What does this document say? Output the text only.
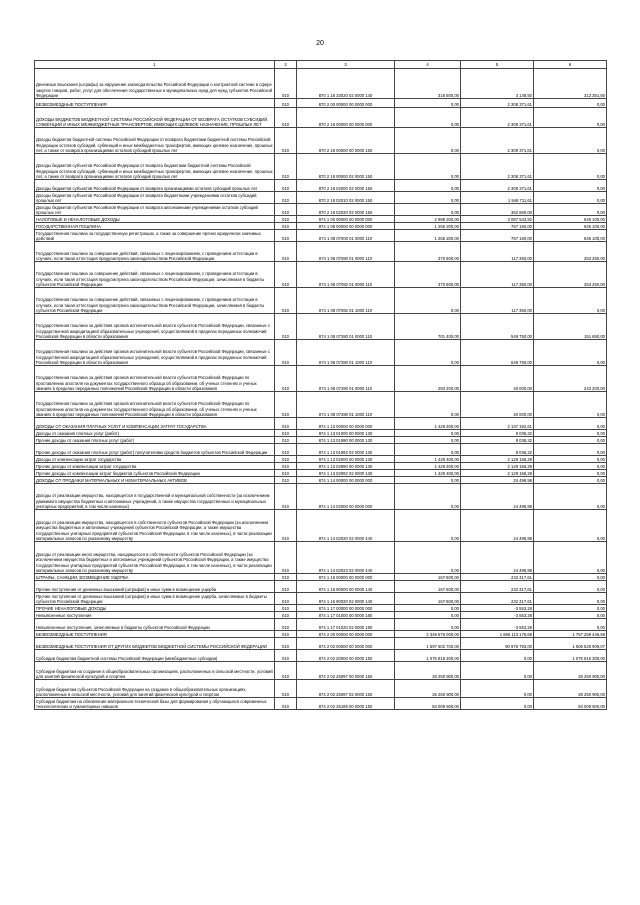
20
1	2	3	4	5	6
Денежные взыскания (штрафы) за нарушение законодательства Российской Федерации о контрактной системе в сфере закупок товаров, работ, услуг для обеспечения государственных и муниципальных нужд для нужд субъектов Российской Федерации	010	870 1 16 33020 02 0000 140	316 500,00	3 148,50	313 351,50
БЕЗВОЗМЕЗДНЫЕ ПОСТУПЛЕНИЯ	010	870 2 00 00000 00 0000 000	0,00	2 309 371,61	0,00
ДОХОДЫ БЮДЖЕТОВ БЮДЖЕТНОЙ СИСТЕМЫ РОССИЙСКОЙ ФЕДЕРАЦИИ ОТ ВОЗВРАТА ОСТАТКОВ СУБСИДИЙ, СУБВЕНЦИЙ И ИНЫХ МЕЖБЮДЖЕТНЫХ ТРАНСФЕРТОВ, ИМЕЮЩИХ ЦЕЛЕВОЕ НАЗНАЧЕНИЕ, ПРОШЛЫХ ЛЕТ	010	870 2 18 00000 00 0000 000	0,00	2 309 371,61	0,00
Доходы бюджетов бюджетной системы Российской Федерации от возврата бюджетами бюджетной системы Российской Федерации остатков субсидий, субвенций и иных межбюджетных трансфертов, имеющих целевое назначение, прошлых лет, а также от возврата организациями остатков субсидий прошлых лет	010	870 2 18 00000 00 0000 150	0,00	2 309 371,61	0,00
Доходы бюджетов субъектов Российской Федерации от возврата бюджетами бюджетной системы Российской Федерации остатков субсидий, субвенций и иных межбюджетных трансфертов, имеющих целевое назначение, прошлых лет, а также от возврата организациями остатков субсидий прошлых лет	010	870 2 18 00000 02 0000 150	0,00	2 309 371,61	0,00
Доходы бюджетов субъектов Российской Федерации от возврата организациями остатков субсидий прошлых лет	010	870 2 18 02000 02 0000 150	0,00	2 309 371,61	0,00
Доходы бюджетов субъектов Российской Федерации от возврата бюджетными учреждениями остатков субсидий прошлых лет	010	870 2 18 02010 02 0000 150	0,00	1 946 711,61	0,00
Доходы бюджетов субъектов Российской Федерации от возврата автономными учреждениями остатков субсидий прошлых лет	010	870 2 18 02020 02 0000 150	0,00	362 660,00	0,00
НАЛОГОВЫЕ И НЕНАЛОГОВЫЕ ДОХОДЫ	010	874 1 00 00000 00 0000 000	2 989 200,00	3 087 543,92	649 100,00
ГОСУДАРСТВЕННАЯ ПОШЛИНА	010	874 1 08 00000 00 0000 000	1 255 200,00	767 160,00	645 100,00
Государственная пошлина за государственную регистрацию, а также за совершение прочих юридически значимых действий	010	874 1 08 07000 01 0000 110	1 255 200,00	767 160,00	645 100,00
Государственная пошлина за совершение действий, связанных с лицензированием, с проведением аттестации в случаях, если такая аттестация предусмотрена законодательством Российской Федерации	010	874 1 08 07080 01 0000 110	370 600,00	117 350,00	253 250,00
Государственная пошлина за совершение действий, связанных с лицензированием, с проведением аттестации в случаях, если такая аттестация предусмотрена законодательством Российской Федерации, зачисляемая в бюджеты субъектов Российской Федерации	010	874 1 08 07082 01 0000 110	370 600,00	117 350,00	253 250,00
Государственная пошлина за совершение действий, связанных с лицензированием, с проведением аттестации в случаях, если такая аттестация предусмотрена законодательством Российской Федерации, зачисляемая в бюджеты субъектов Российской Федерации	010	874 1 08 07082 01 1000 110	0,00	117 350,00	0,00
Государственная пошлина за действия органов исполнительной власти субъектов Российской Федерации, связанные с государственной аккредитацией образовательных учреждений, осуществляемой в пределах переданных полномочий Российской Федерации в области образования	010	874 1 08 07380 01 0000 110	701 400,00	549 750,00	151 650,00
Государственная пошлина за действия органов исполнительной власти субъектов Российской Федерации, связанные с государственной аккредитацией образовательных учреждений, осуществляемой в пределах переданных полномочий Российской Федерации в области образования	010	874 1 08 07380 01 1000 110	0,00	549 750,00	0,00
Государственная пошлина за действия органов исполнительной власти субъектов Российской Федерации по проставлению апостиля на документах государственного образца об образовании, об ученых степенях и ученых званиях в пределах переданных полномочий Российской Федерации в области образования	010	874 1 08 07390 01 0000 110	283 200,00	40 000,00	243 200,00
Государственная пошлина за действия органов исполнительной власти субъектов Российской Федерации по проставлению апостиля на документах государственного образца об образовании, об ученых степенях и ученых званиях в пределах переданных полномочий Российской Федерации в области образования	010	874 1 08 07390 01 1000 110	0,00	40 000,00	0,00
ДОХОДЫ ОТ ОКАЗАНИЯ ПЛАТНЫХ УСЛУГ И КОМПЕНСАЦИИ ЗАТРАТ ГОСУДАРСТВА	010	874 1 13 00000 00 0000 000	1 429 400,00	2 137 192,61	0,00
Доходы от оказания платных услуг (работ)	010	874 1 13 01000 00 0000 130	0,00	8 036,32	0,00
Прочие доходы от оказания платных услуг (работ)	010	874 1 13 01990 00 0000 130	0,00	8 036,32	0,00
Прочие доходы от оказания платных услуг (работ) получателями средств бюджетов субъектов Российской Федерации	010	874 1 13 01992 02 0000 130	0,00	8 036,32	0,00
Доходы от компенсации затрат государства	010	874 1 13 02000 00 0000 130	1 429 400,00	2 129 156,29	0,00
Прочие доходы от компенсации затрат государства	010	874 1 13 02990 00 0000 130	1 429 400,00	2 129 156,29	0,00
Прочие доходы от компенсации затрат бюджетов субъектов Российской Федерации	010	874 1 13 02992 02 0000 130	1 429 400,00	2 129 156,29	0,00
ДОХОДЫ ОТ ПРОДАЖИ МАТЕРИАЛЬНЫХ И НЕМАТЕРИАЛЬНЫХ АКТИВОВ	010	874 1 14 00000 00 0000 000	0,00	24 498,98	0,00
Доходы от реализации имущества, находящегося в государственной и муниципальной собственности (за исключением движимого имущества бюджетных и автономных учреждений, а также имущества государственных и муниципальных унитарных предприятий, в том числе казенных)	010	874 1 14 02000 00 0000 000	0,00	24 498,98	0,00
Доходы от реализации имущества, находящегося в собственности субъектов Российской Федерации (за исключением имущества бюджетных и автономных учреждений субъектов Российской Федерации, а также имущества государственных унитарных предприятий субъектов Российской Федерации, в том числе казенных), в части реализации материальных запасов по указанному имуществу	010	874 1 14 02020 02 0000 440	0,00	24 498,98	0,00
Доходы от реализации иного имущества, находящегося в собственности субъектов Российской Федерации (за исключением имущества бюджетных и автономных учреждений субъектов Российской Федерации, а также имущества государственных унитарных предприятий субъектов Российской Федерации, в том числе казенных), в части реализации материальных запасов по указанному имуществу	010	874 1 14 02023 02 0000 440	0,00	24 498,98	0,00
ШТРАФЫ, САНКЦИИ, ВОЗМЕЩЕНИЕ УЩЕРБА	010	874 1 16 00000 00 0000 000	167 600,00	232 317,61	0,00
Прочие поступления от денежных взысканий (штрафов) и иных сумм в возмещение ущерба	010	874 1 16 90000 00 0000 140	167 600,00	232 317,61	0,00
Прочие поступления от денежных взысканий (штрафов) и иных сумм в возмещение ущерба, зачисляемые в бюджеты субъектов Российской Федерации	010	874 1 16 90020 02 0000 140	167 600,00	232 317,61	0,00
ПРОЧИЕ НЕНАЛОГОВЫЕ ДОХОДЫ	010	874 1 17 00000 00 0000 000	0,00	-3 553,28	0,00
Невыясненные поступления	010	874 1 17 01000 00 0000 180	0,00	-3 553,28	0,00
Невыясненные поступления, зачисляемые в бюджеты субъектов Российской Федерации	010	874 1 17 01020 02 0000 180	0,00	-3 553,28	0,00
БЕЗВОЗМЕЗДНЫЕ ПОСТУПЛЕНИЯ	010	874 2 00 00000 00 0000 000	2 349 576 000,00	1 666 113 176,68	1 757 259 446,58
БЕЗВОЗМЕЗДНЫЕ ПОСТУПЛЕНИЯ ОТ ДРУГИХ БЮДЖЕТОВ БЮДЖЕТНОЙ СИСТЕМЫ РОССИЙСКОЙ ФЕДЕРАЦИИ	010	874 2 02 00000 00 0000 000	1 597 502 700,00	90 976 793,00	1 506 525 909,07
Субсидии бюджетам бюджетной системы Российской Федерации (межбюджетные субсидии)	010	874 2 02 20000 00 0000 150	1 075 816 300,00	0,00	1 075 816 300,00
Субсидии бюджетам на создание в общеобразовательных организациях, расположенных в сельской местности, условий для занятий физической культурой и спортом	010	874 2 02 25097 00 0000 150	28 250 900,00	0,00	28 250 900,00
Субсидии бюджетам субъектов Российской Федерации на создание в общеобразовательных организациях, расположенных в сельской местности, условий для занятий физической культурой и спортом	010	874 2 02 25097 02 0000 150	28 250 900,00	0,00	28 250 900,00
Субсидии бюджетам на обновление материально-технической базы для формирования у обучающихся современных технологических и гуманитарных навыков	010	874 2 02 25169 00 0000 150	84 009 500,00	0,00	84 009 500,00
